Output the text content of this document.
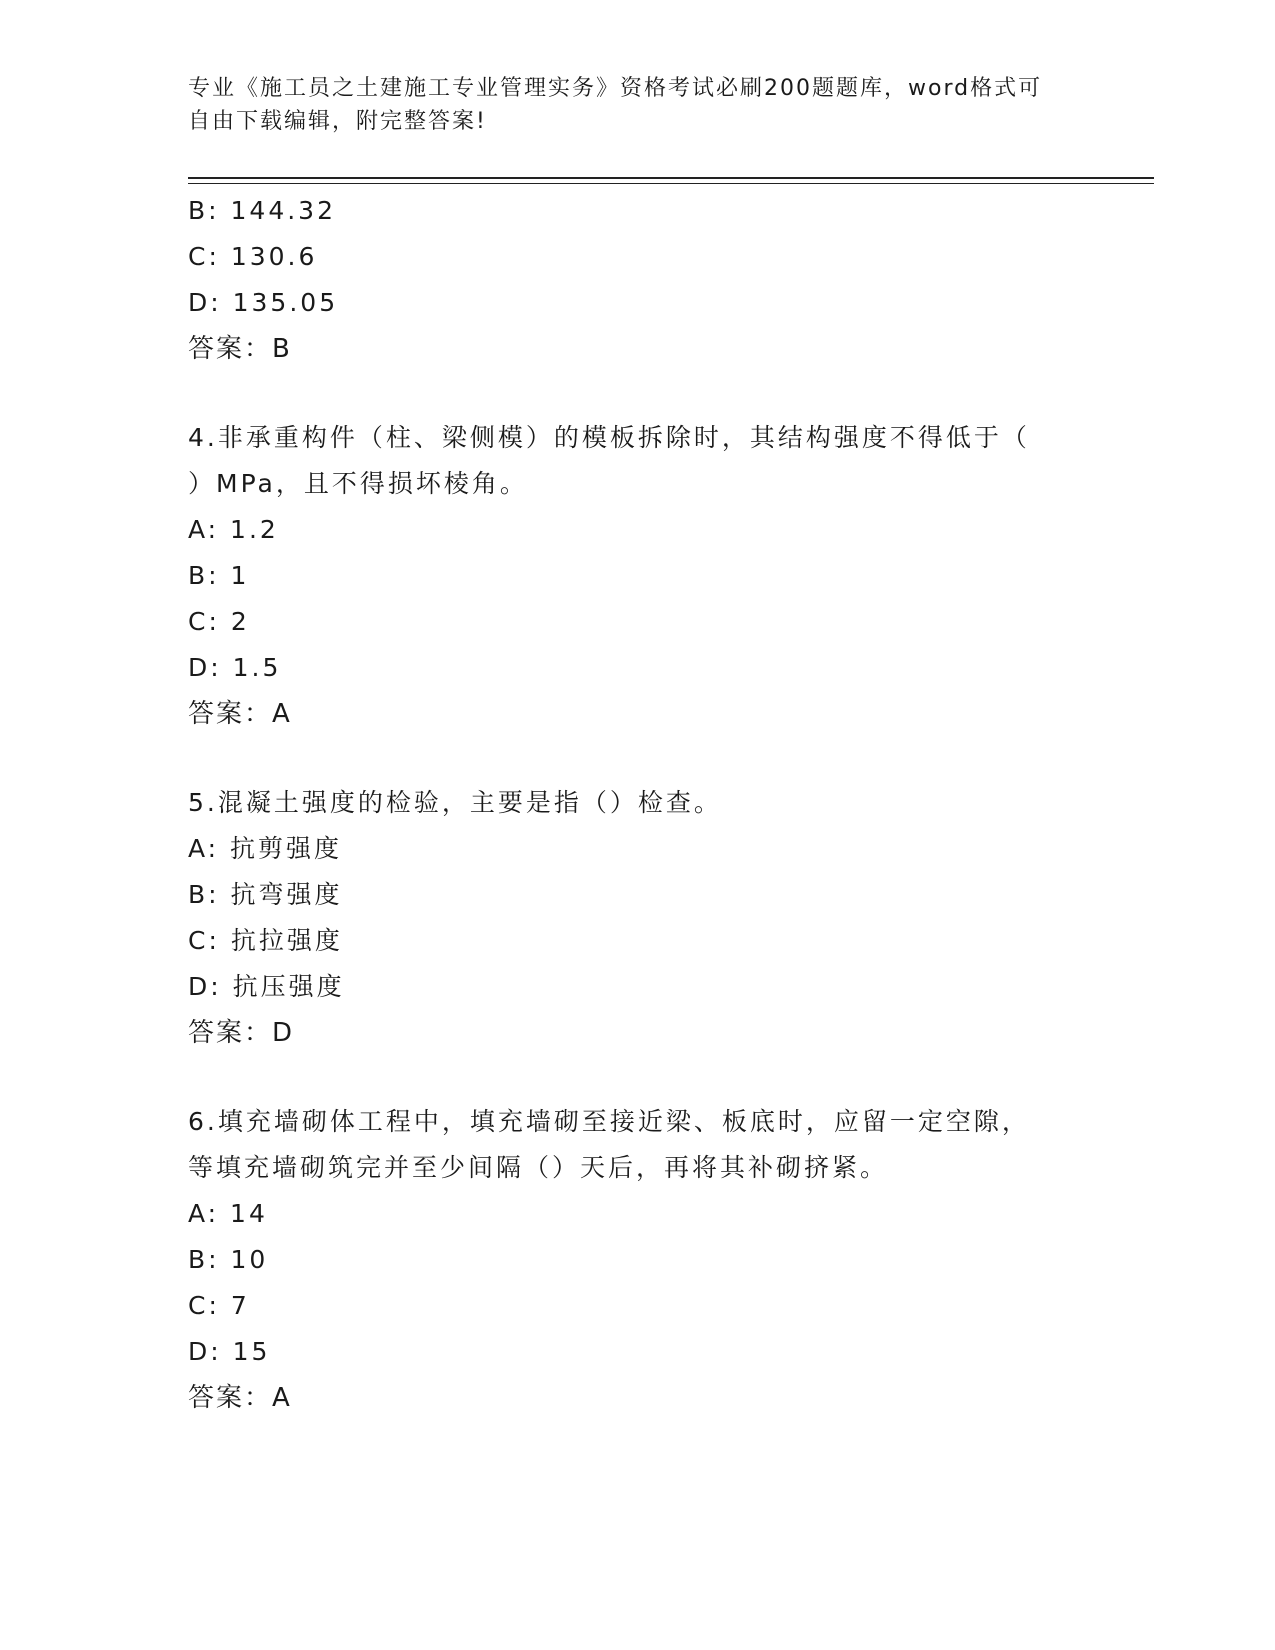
专业《施工员之土建施工专业管理实务》资格考试必刷200题题库，word格式可
自由下载编辑，附完整答案!
B: 144.32
C: 130.6
D: 135.05
答案：B
4.非承重构件（柱、梁侧模）的模板拆除时，其结构强度不得低于（
）MPa，且不得损坏棱角。
A: 1.2
B: 1
C: 2
D: 1.5
答案：A
5.混凝土强度的检验，主要是指（）检查。
A: 抗剪强度
B: 抗弯强度
C: 抗拉强度
D: 抗压强度
答案：D
6.填充墙砌体工程中，填充墙砌至接近梁、板底时，应留一定空隙，
等填充墙砌筑完并至少间隔（）天后，再将其补砌挤紧。
A: 14
B: 10
C: 7
D: 15
答案：A
